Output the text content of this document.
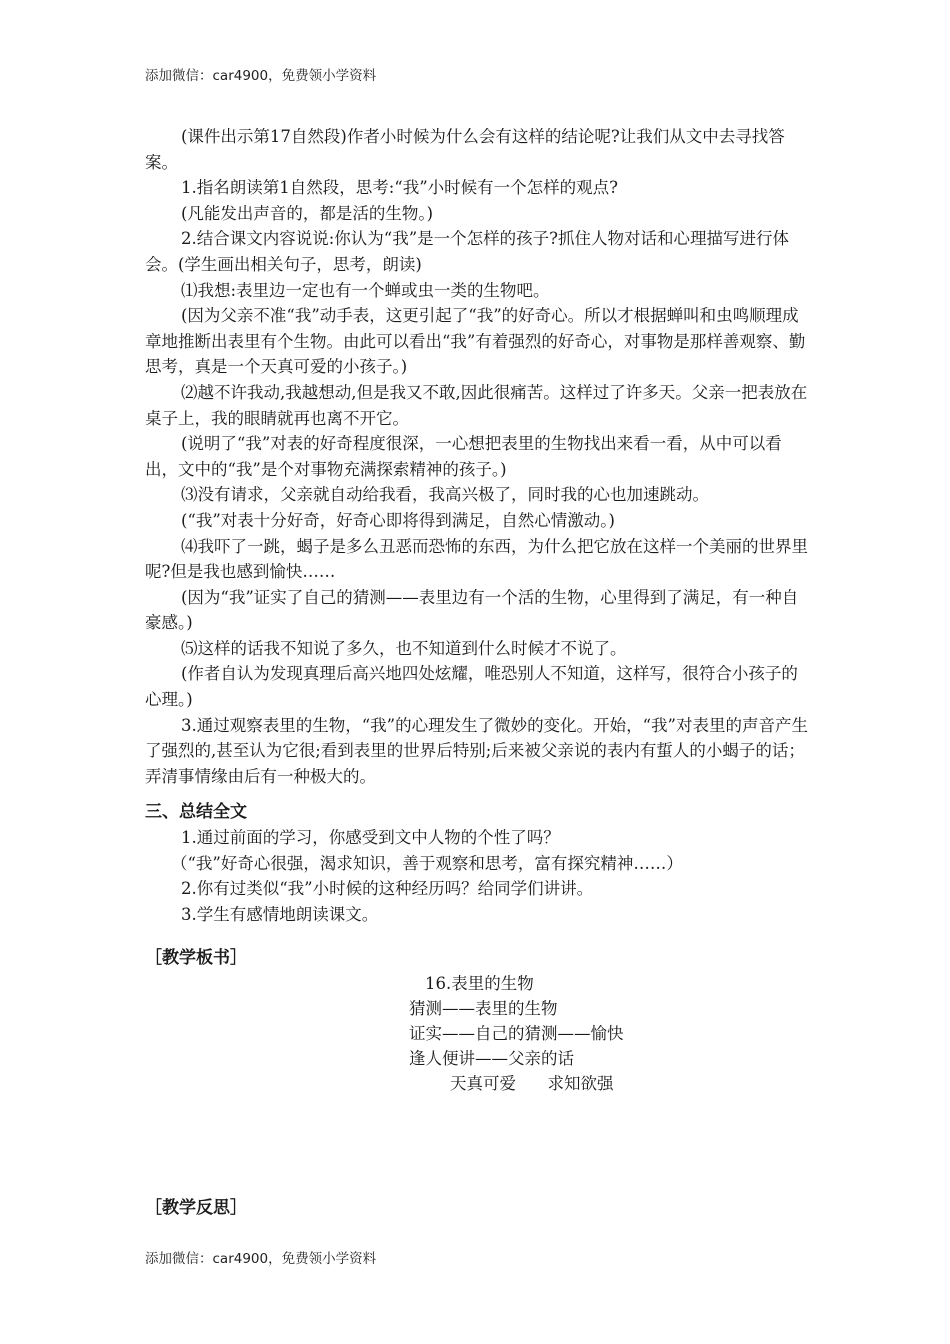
添加微信：car4900，免费领小学资料

(课件出示第17自然段)作者小时候为什么会有这样的结论呢?让我们从文中去寻找答案。

1.指名朗读第1自然段，思考:“我”小时候有一个怎样的观点?

(凡能发出声音的，都是活的生物。)

2.结合课文内容说说:你认为“我”是一个怎样的孩子?抓住人物对话和心理描写进行体会。(学生画出相关句子，思考，朗读)

⑴我想:表里边一定也有一个蝉或虫一类的生物吧。

(因为父亲不准“我”动手表，这更引起了“我”的好奇心。所以才根据蝉叫和虫鸣顺理成章地推断出表里有个生物。由此可以看出“我”有着强烈的好奇心，对事物是那样善观察、勤思考，真是一个天真可爱的小孩子。)

⑵越不许我动,我越想动,但是我又不敢,因此很痛苦。这样过了许多天。父亲一把表放在桌子上，我的眼睛就再也离不开它。

(说明了“我”对表的好奇程度很深，一心想把表里的生物找出来看一看，从中可以看出，文中的“我”是个对事物充满探索精神的孩子。)

⑶没有请求，父亲就自动给我看，我高兴极了，同时我的心也加速跳动。

(“我”对表十分好奇，好奇心即将得到满足，自然心情激动。)

⑷我吓了一跳，蝎子是多么丑恶而恐怖的东西，为什么把它放在这样一个美丽的世界里呢?但是我也感到愉快……

(因为“我”证实了自己的猜测——表里边有一个活的生物，心里得到了满足，有一种自豪感。)

⑸这样的话我不知说了多久，也不知道到什么时候才不说了。

(作者自认为发现真理后高兴地四处炫耀，唯恐别人不知道，这样写，很符合小孩子的心理。)

3.通过观察表里的生物，“我”的心理发生了微妙的变化。开始，“我”对表里的声音产生了强烈的,甚至认为它很;看到表里的世界后特别;后来被父亲说的表内有蜇人的小蝎子的话；弄清事情缘由后有一种极大的。

三、总结全文

1.通过前面的学习，你感受到文中人物的个性了吗？

（“我”好奇心很强，渴求知识，善于观察和思考，富有探究精神……）

2.你有过类似“我”小时候的这种经历吗？给同学们讲讲。

3.学生有感情地朗读课文。

［教学板书］
16.表里的生物
猜测——表里的生物
证实——自己的猜测——愉快
逢人便讲——父亲的话
天真可爱      求知欲强
［教学反思］
添加微信：car4900，免费领小学资料
